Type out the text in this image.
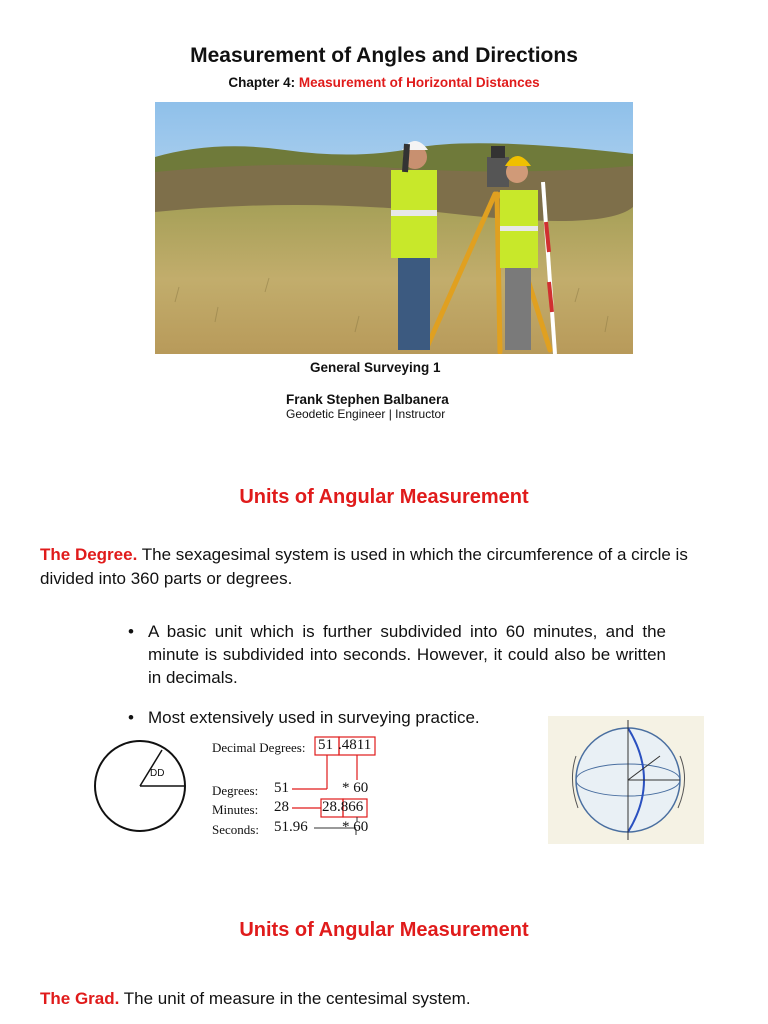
Measurement of Angles and Directions
Chapter 4: Measurement of Horizontal Distances
General Surveying 1
Frank Stephen Balbanera
Geodetic Engineer | Instructor
Units of Angular Measurement
The Degree. The sexagesimal system is used in which the circumference of a circle is divided into 360 parts or degrees.
• A basic unit which is further subdivided into 60 minutes, and the minute is subdivided into seconds. However, it could also be written in decimals.
• Most extensively used in surveying practice.
DD
Decimal Degrees: 51 .4811
Degrees: 51	* 60
Minutes: 28 28.866
Seconds: 51.96 * 60
Units of Angular Measurement
The Grad. The unit of measure in the centesimal system.
